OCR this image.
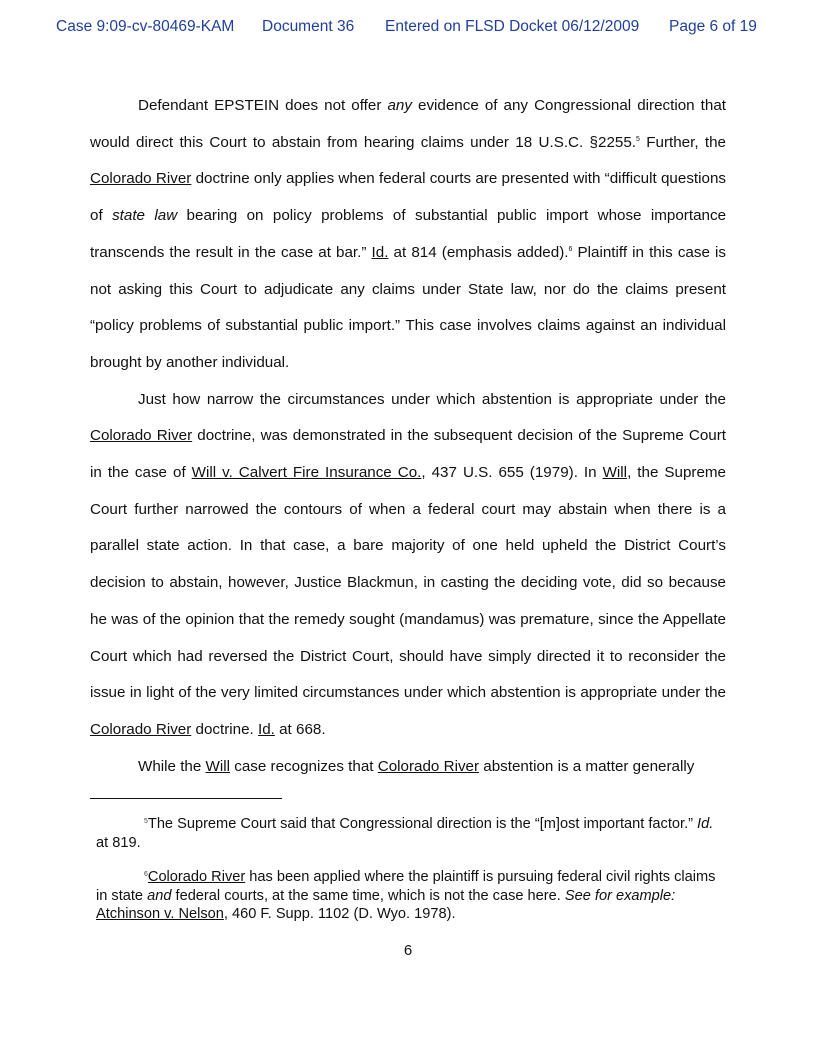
Case 9:09-cv-80469-KAM Document 36 Entered on FLSD Docket 06/12/2009 Page 6 of 19

Defendant EPSTEIN does not offer any evidence of any Congressional direction that would direct this Court to abstain from hearing claims under 18 U.S.C. §2255.$^5$ Further, the Colorado River doctrine only applies when federal courts are presented with “difficult questions of state law bearing on policy problems of substantial public import whose importance transcends the result in the case at bar.” Id. at 814 (emphasis added).$^6$ Plaintiff in this case is not asking this Court to adjudicate any claims under State law, nor do the claims present “policy problems of substantial public import.” This case involves claims against an individual brought by another individual.

Just how narrow the circumstances under which abstention is appropriate under the Colorado River doctrine, was demonstrated in the subsequent decision of the Supreme Court in the case of Will v. Calvert Fire Insurance Co., 437 U.S. 655 (1979). In Will, the Supreme Court further narrowed the contours of when a federal court may abstain when there is a parallel state action. In that case, a bare majority of one held upheld the District Court’s decision to abstain, however, Justice Blackmun, in casting the deciding vote, did so because he was of the opinion that the remedy sought (mandamus) was premature, since the Appellate Court which had reversed the District Court, should have simply directed it to reconsider the issue in light of the very limited circumstances under which abstention is appropriate under the Colorado River doctrine. Id. at 668.

While the Will case recognizes that Colorado River abstention is a matter generally

$^5$The Supreme Court said that Congressional direction is the “[m]ost important factor.” Id. at 819.

$^6$Colorado River has been applied where the plaintiff is pursuing federal civil rights claims in state and federal courts, at the same time, which is not the case here. See for example: Atchinson v. Nelson, 460 F. Supp. 1102 (D. Wyo. 1978).

6
